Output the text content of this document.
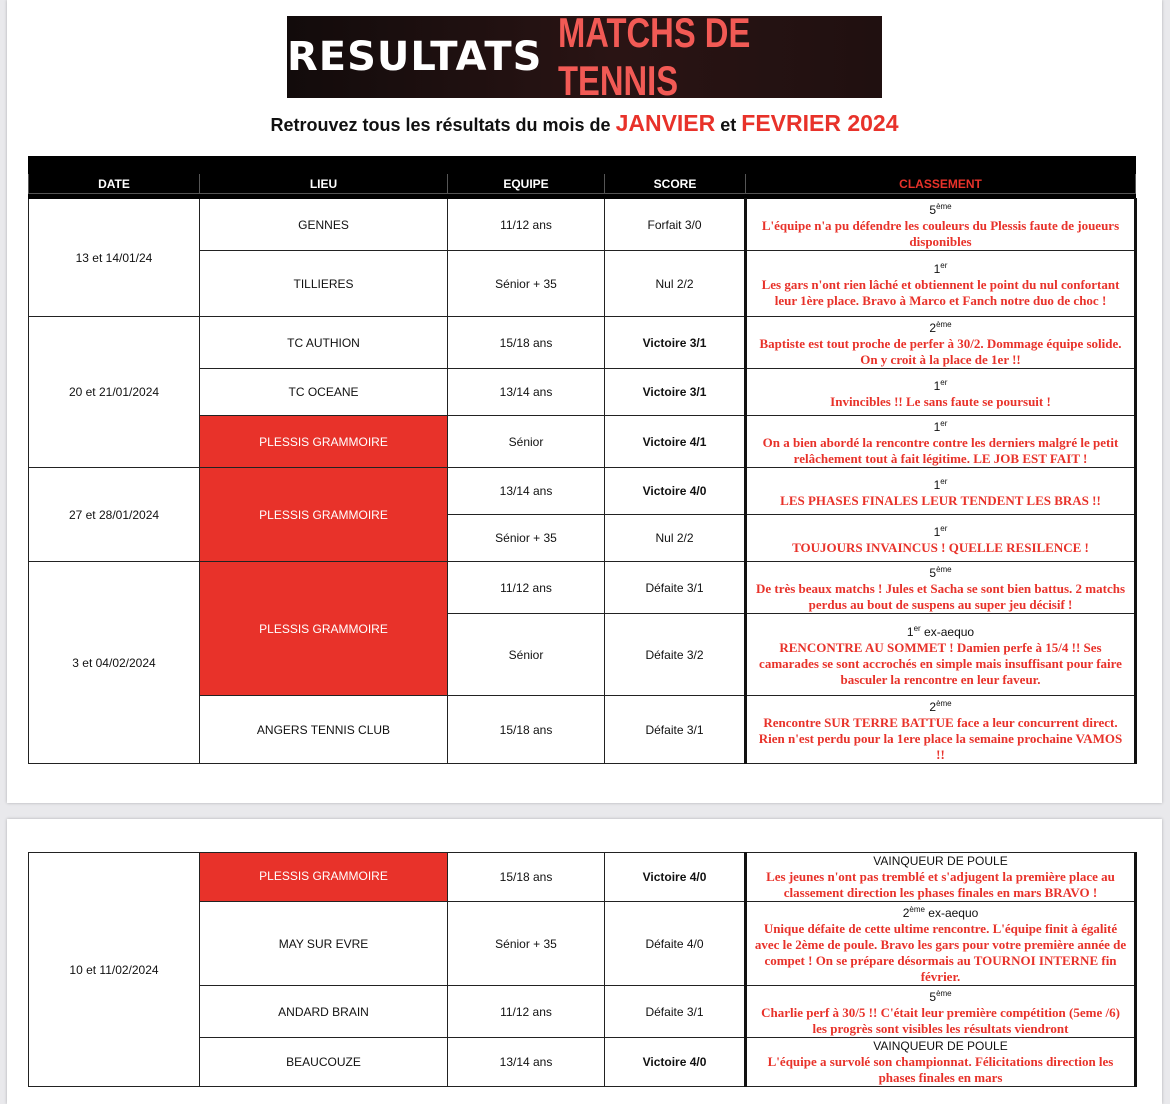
RESULTATS
MATCHS DE TENNIS
Retrouvez tous les résultats du mois de JANVIER et FEVRIER 2024

DATE	LIEU	EQUIPE	SCORE	CLASSEMENT

13 et 14/01/24	GENNES	11/12 ans	Forfait 3/0	5ème
L'équipe n'a pu défendre les couleurs du Plessis faute de joueurs disponibles

	TILLIERES	Sénior + 35	Nul 2/2	1er
Les gars n'ont rien lâché et obtiennent le point du nul confortant leur 1ère place. Bravo à Marco et Fanch notre duo de choc !

20 et 21/01/2024	TC AUTHION	15/18 ans	Victoire 3/1	2ème
Baptiste est tout proche de perfer à 30/2. Dommage équipe solide. On y croit à la place de 1er !!

	TC OCEANE	13/14 ans	Victoire 3/1	1er
Invincibles !! Le sans faute se poursuit !

	PLESSIS GRAMMOIRE	Sénior	Victoire 4/1	1er
On a bien abordé la rencontre contre les derniers malgré le petit relâchement tout à fait légitime. LE JOB EST FAIT !

27 et 28/01/2024	PLESSIS GRAMMOIRE	13/14 ans	Victoire 4/0	1er
LES PHASES FINALES LEUR TENDENT LES BRAS !!

		Sénior + 35	Nul 2/2	1er
TOUJOURS INVAINCUS ! QUELLE RESILENCE !

3 et 04/02/2024	PLESSIS GRAMMOIRE	11/12 ans	Défaite 3/1	5ème
De très beaux matchs ! Jules et Sacha se sont bien battus. 2 matchs perdus au bout de suspens au super jeu décisif !

		Sénior	Défaite 3/2	1er ex-aequo
RENCONTRE AU SOMMET ! Damien perfe à 15/4 !! Ses camarades se sont accrochés en simple mais insuffisant pour faire basculer la rencontre en leur faveur.

	ANGERS TENNIS CLUB	15/18 ans	Défaite 3/1	2ème
Rencontre SUR TERRE BATTUE face a leur concurrent direct. Rien n'est perdu pour la 1ere place la semaine prochaine VAMOS !!
10 et 11/02/2024	PLESSIS GRAMMOIRE	15/18 ans	Victoire 4/0	VAINQUEUR DE POULE
Les jeunes n'ont pas tremblé et s'adjugent la première place au classement direction les phases finales en mars BRAVO !

	MAY SUR EVRE	Sénior + 35	Défaite 4/0	2ème ex-aequo
Unique défaite de cette ultime rencontre. L'équipe finit à égalité avec le 2ème de poule. Bravo les gars pour votre première année de compet ! On se prépare désormais au TOURNOI INTERNE fin février.

	ANDARD BRAIN	11/12 ans	Défaite 3/1	5ème
Charlie perf à 30/5 !! C'était leur première compétition (5eme /6) les progrès sont visibles les résultats viendront

	BEAUCOUZE	13/14 ans	Victoire 4/0	VAINQUEUR DE POULE
L'équipe a survolé son championnat. Félicitations direction les phases finales en mars
